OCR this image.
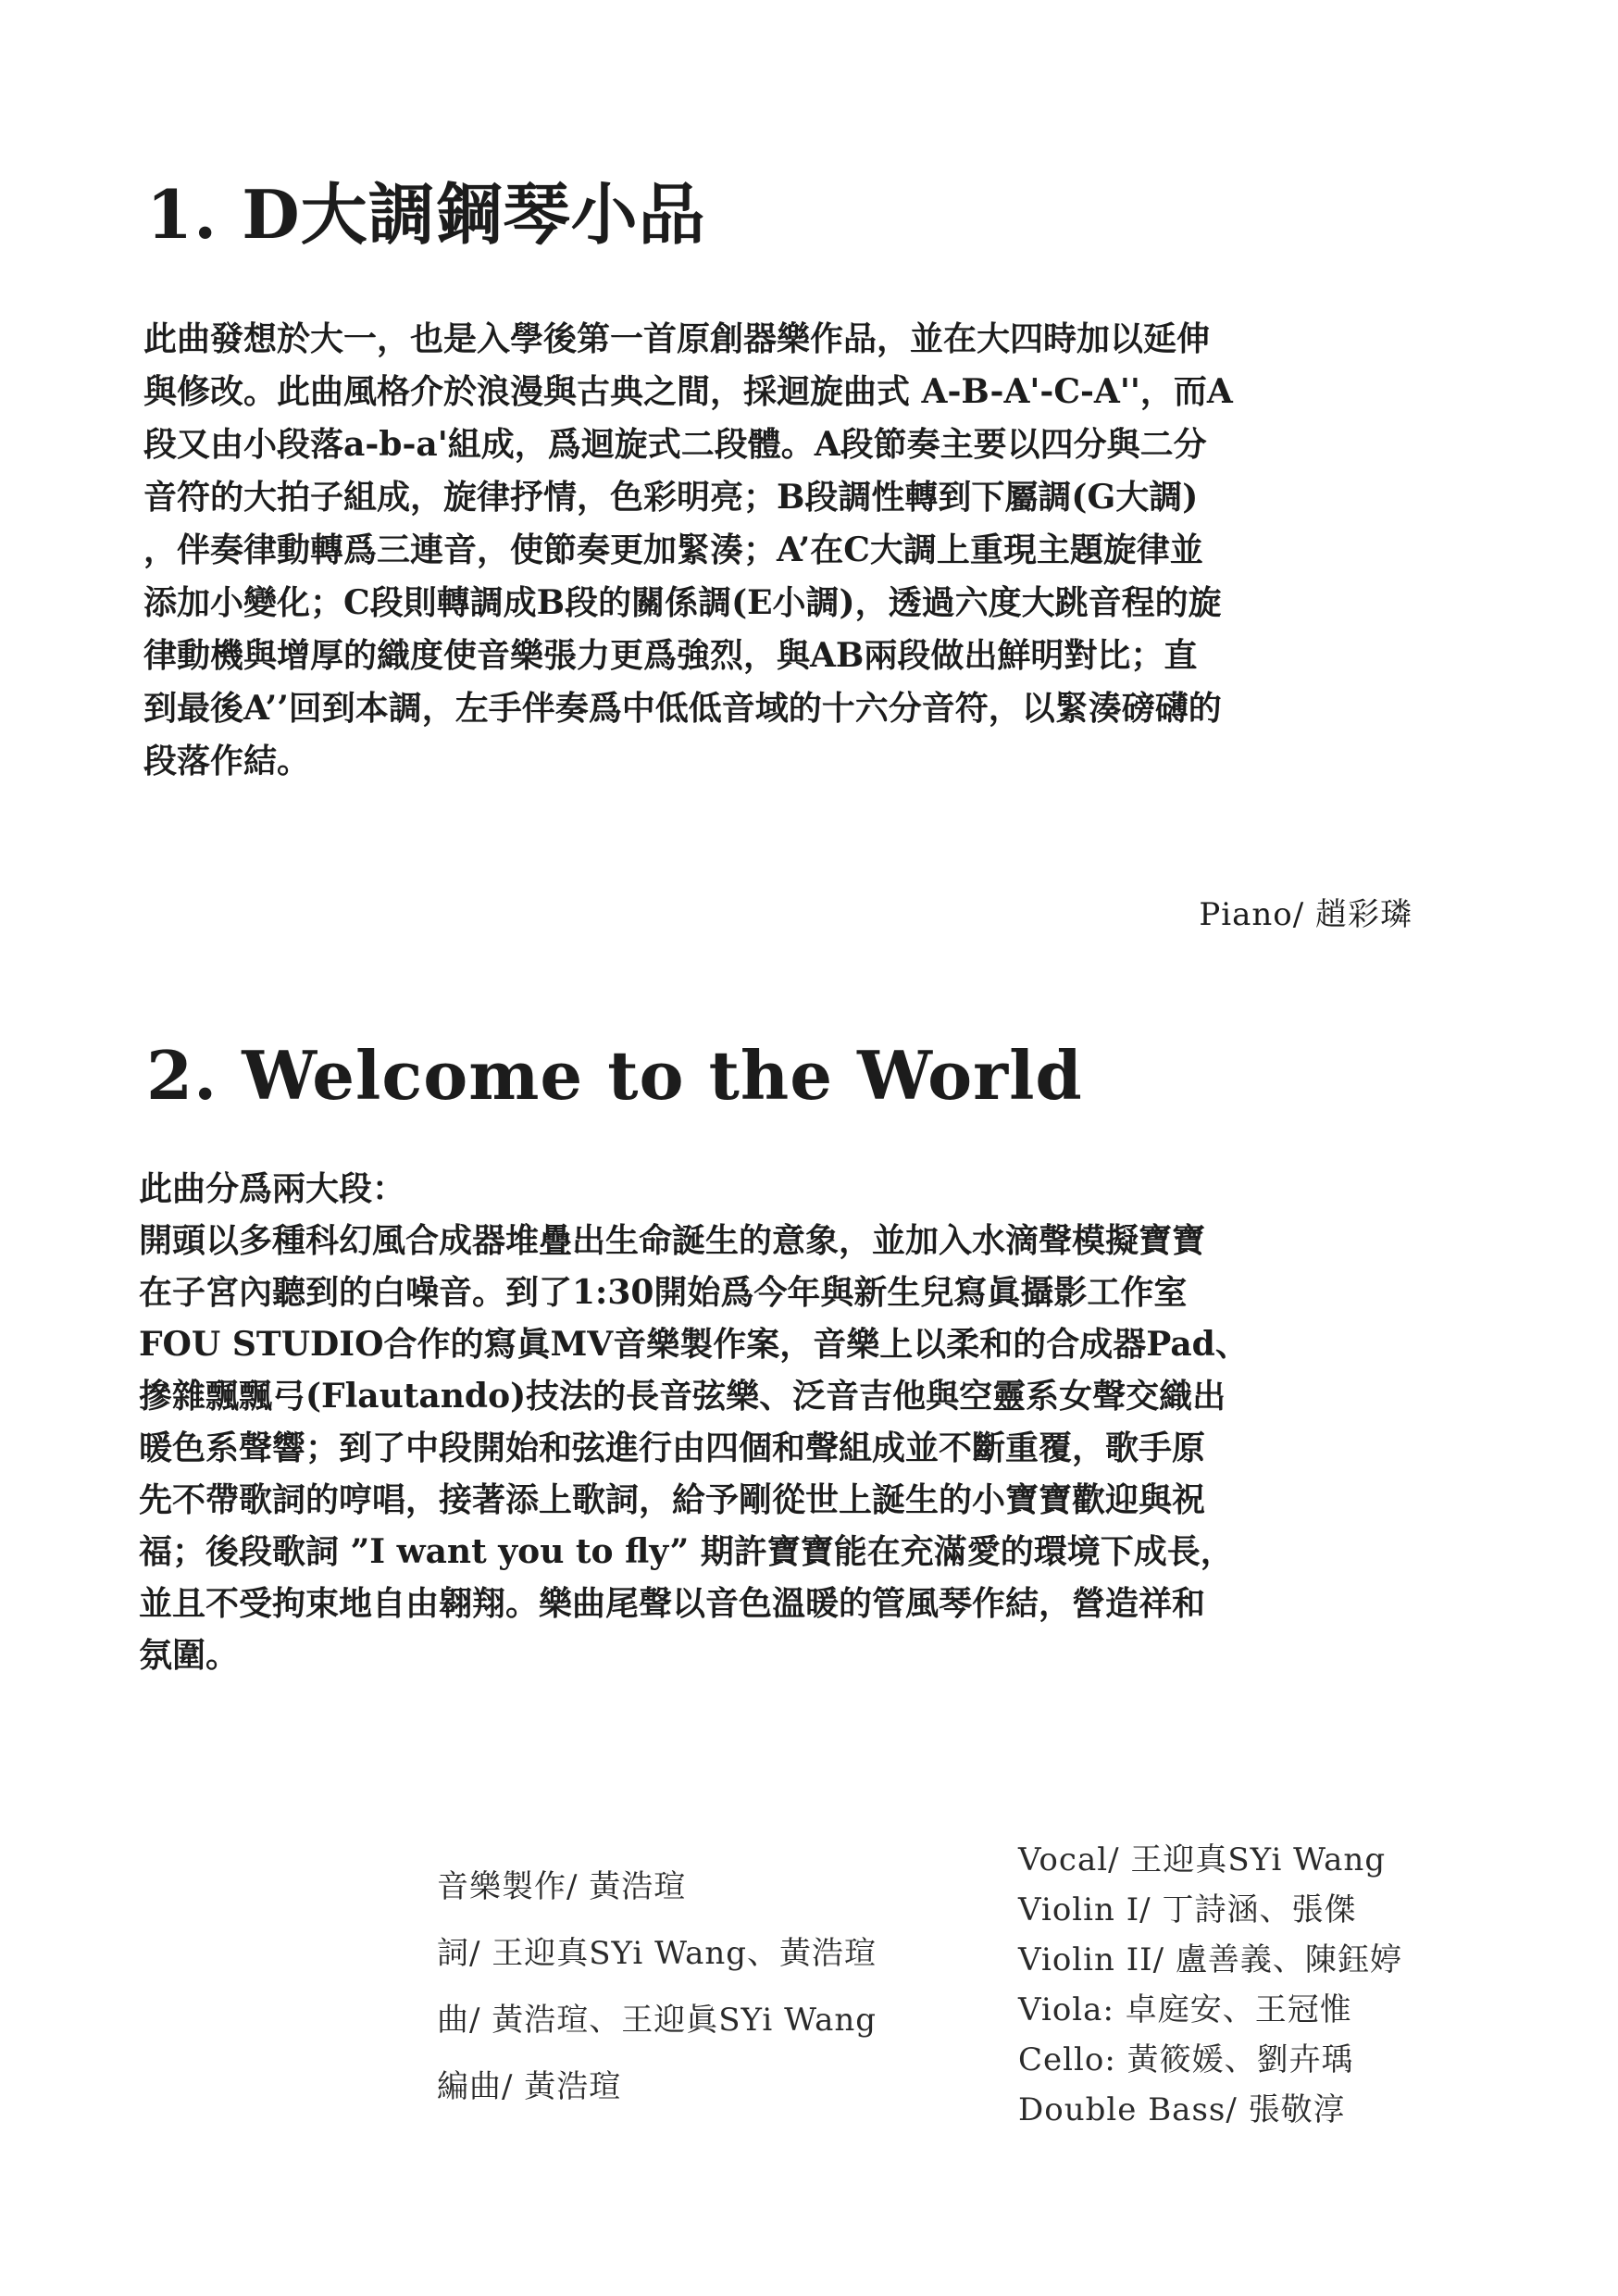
1. D大調鋼琴小品
此曲發想於大一，也是入學後第一首原創器樂作品，並在大四時加以延伸
與修改。此曲風格介於浪漫與古典之間，採迴旋曲式 A-B-A'-C-A''，而A
段又由小段落a-b-a'組成，爲迴旋式二段體。A段節奏主要以四分與二分
音符的大拍子組成，旋律抒情，色彩明亮；B段調性轉到下屬調(G大調)
，伴奏律動轉爲三連音，使節奏更加緊湊；A’在C大調上重現主題旋律並
添加小變化；C段則轉調成B段的關係調(E小調)，透過六度大跳音程的旋
律動機與增厚的織度使音樂張力更爲強烈，與AB兩段做出鮮明對比；直
到最後A’’回到本調，左手伴奏爲中低低音域的十六分音符，以緊湊磅礴的
段落作結。
Piano/ 趙彩璘
2. Welcome to the World
此曲分爲兩大段：
開頭以多種科幻風合成器堆疊出生命誕生的意象，並加入水滴聲模擬寶寶
在子宮內聽到的白噪音。到了1:30開始爲今年與新生兒寫眞攝影工作室
FOU STUDIO合作的寫眞MV音樂製作案，音樂上以柔和的合成器Pad、
摻雜飄飄弓(Flautando)技法的長音弦樂、泛音吉他與空靈系女聲交織出
暖色系聲響；到了中段開始和弦進行由四個和聲組成並不斷重覆，歌手原
先不帶歌詞的哼唱，接著添上歌詞，給予剛從世上誕生的小寶寶歡迎與祝
福；後段歌詞 ”I want you to fly” 期許寶寶能在充滿愛的環境下成長，
並且不受拘束地自由翱翔。樂曲尾聲以音色溫暖的管風琴作結，營造祥和
氛圍。
音樂製作/ 黃浩瑄
詞/ 王迎真SYi Wang、黃浩瑄
曲/ 黃浩瑄、王迎眞SYi Wang
編曲/ 黃浩瑄
Vocal/ 王迎真SYi Wang
Violin I/ 丁詩涵、張傑
Violin II/ 盧善義、陳鈺婷
Viola: 卓庭安、王冠惟
Cello: 黃筱媛、劉卉瑀
Double Bass/ 張敬淳
